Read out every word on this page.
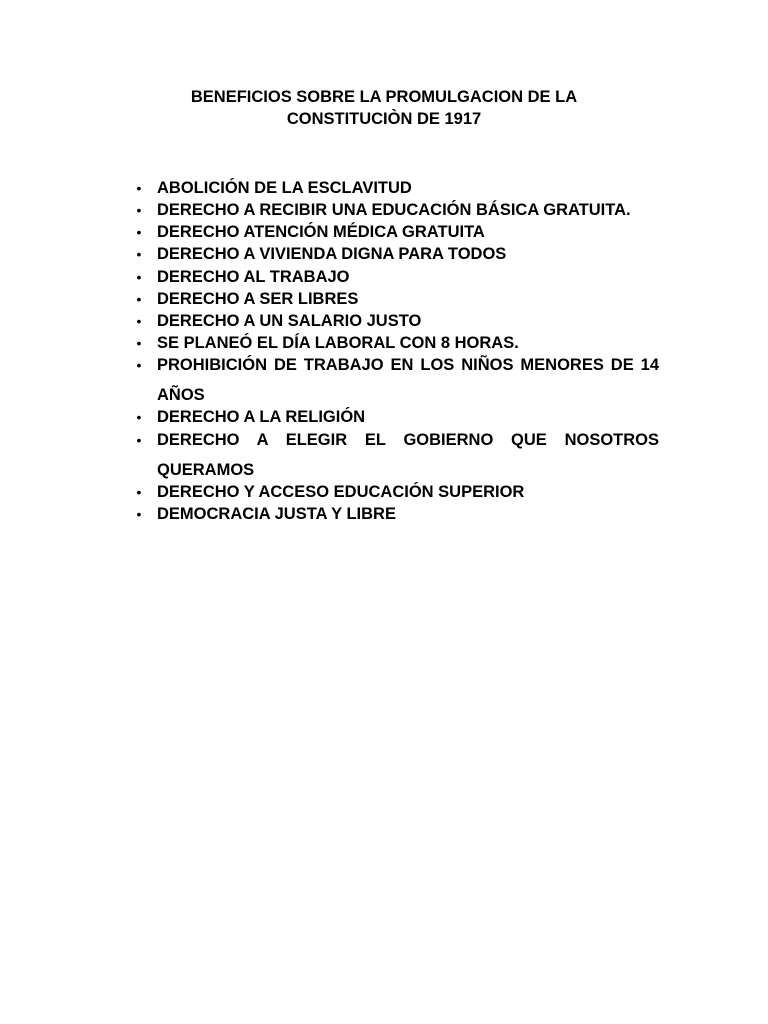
BENEFICIOS SOBRE LA PROMULGACION DE LA
CONSTITUCIÒN DE 1917
• ABOLICIÓN DE LA ESCLAVITUD
• DERECHO A RECIBIR UNA EDUCACIÓN BÁSICA GRATUITA.
• DERECHO ATENCIÓN MÉDICA GRATUITA
• DERECHO A VIVIENDA DIGNA PARA TODOS
• DERECHO AL TRABAJO
• DERECHO A SER LIBRES
• DERECHO A UN SALARIO JUSTO
• SE PLANEÓ EL DÍA LABORAL CON 8 HORAS.
• PROHIBICIÓN DE TRABAJO EN LOS NIÑOS MENORES DE 14 AÑOS
• DERECHO A LA RELIGIÓN
• DERECHO A ELEGIR EL GOBIERNO QUE NOSOTROS QUERAMOS
• DERECHO Y ACCESO EDUCACIÓN SUPERIOR
• DEMOCRACIA JUSTA Y LIBRE
